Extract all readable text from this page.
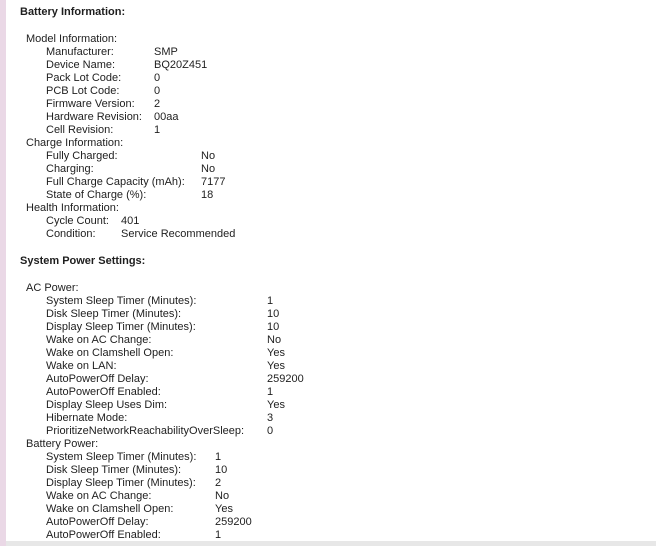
Battery Information:
Model Information:
Manufacturer:	SMP
Device Name:	BQ20Z451
Pack Lot Code:	0
PCB Lot Code:	0
Firmware Version: 2
Hardware Revision: 00aa
Cell Revision:	1
Charge Information:
Fully Charged:	No
Charging:	No
Full Charge Capacity (mAh): 7177
State of Charge (%):	18
Health Information:
Cycle Count: 401
Condition: Service Recommended
System Power Settings:
AC Power:
System Sleep Timer (Minutes):	1
Disk Sleep Timer (Minutes):	10
Display Sleep Timer (Minutes):	10
Wake on AC Change:	No
Wake on Clamshell Open:	Yes
Wake on LAN:	Yes
AutoPowerOff Delay:	259200
AutoPowerOff Enabled:	1
Display Sleep Uses Dim:	Yes
Hibernate Mode:	3
PrioritizeNetworkReachabilityOverSleep: 0
Battery Power:
System Sleep Timer (Minutes): 1
Disk Sleep Timer (Minutes):	10
Display Sleep Timer (Minutes): 2
Wake on AC Change:	No
Wake on Clamshell Open:	Yes
AutoPowerOff Delay:	259200
AutoPowerOff Enabled:	1
